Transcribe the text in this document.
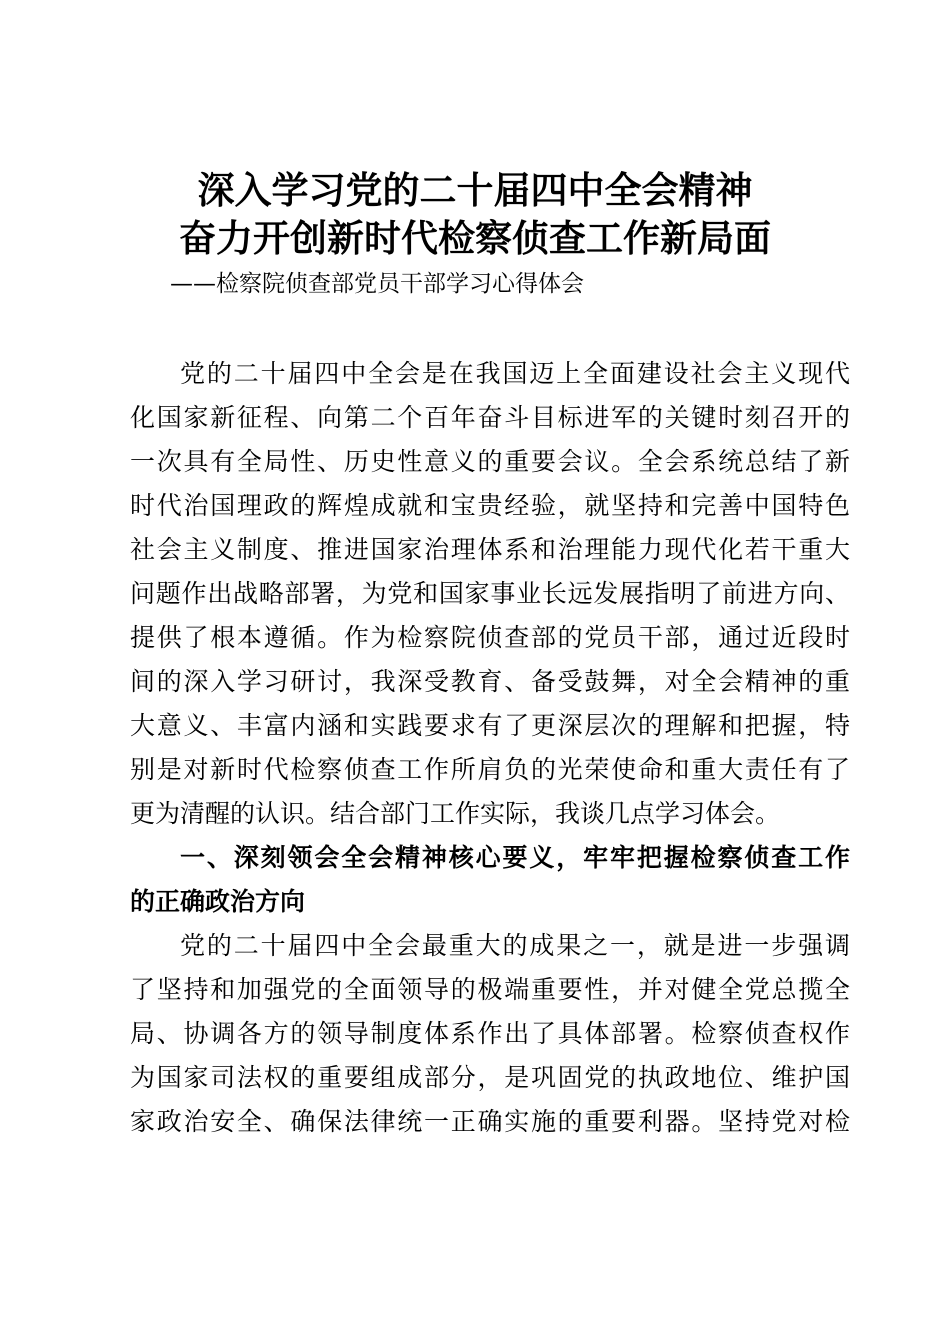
深入学习党的二十届四中全会精神
奋力开创新时代检察侦查工作新局面
——检察院侦查部党员干部学习心得体会
党的二十届四中全会是在我国迈上全面建设社会主义现代
化国家新征程、向第二个百年奋斗目标进军的关键时刻召开的
一次具有全局性、历史性意义的重要会议。全会系统总结了新
时代治国理政的辉煌成就和宝贵经验，就坚持和完善中国特色
社会主义制度、推进国家治理体系和治理能力现代化若干重大
问题作出战略部署，为党和国家事业长远发展指明了前进方向、
提供了根本遵循。作为检察院侦查部的党员干部，通过近段时
间的深入学习研讨，我深受教育、备受鼓舞，对全会精神的重
大意义、丰富内涵和实践要求有了更深层次的理解和把握，特
别是对新时代检察侦查工作所肩负的光荣使命和重大责任有了
更为清醒的认识。结合部门工作实际，我谈几点学习体会。
一、深刻领会全会精神核心要义，牢牢把握检察侦查工作
的正确政治方向
党的二十届四中全会最重大的成果之一，就是进一步强调
了坚持和加强党的全面领导的极端重要性，并对健全党总揽全
局、协调各方的领导制度体系作出了具体部署。检察侦查权作
为国家司法权的重要组成部分，是巩固党的执政地位、维护国
家政治安全、确保法律统一正确实施的重要利器。坚持党对检
